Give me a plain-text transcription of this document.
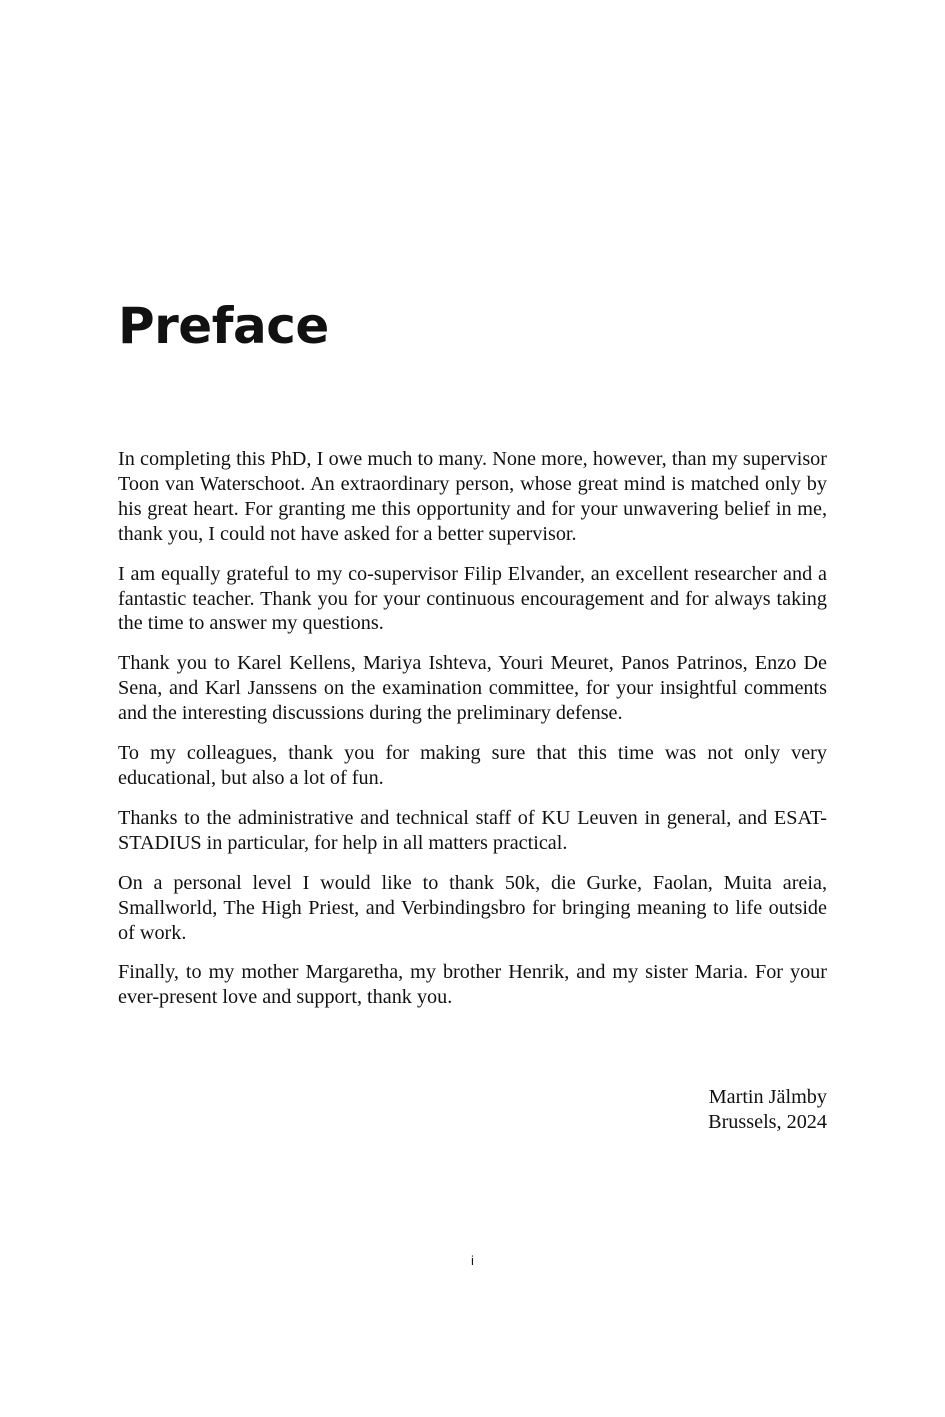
Preface

In completing this PhD, I owe much to many. None more, however, than my supervisor Toon van Waterschoot. An extraordinary person, whose great mind is matched only by his great heart. For granting me this opportunity and for your unwavering belief in me, thank you, I could not have asked for a better supervisor.

I am equally grateful to my co-supervisor Filip Elvander, an excellent researcher and a fantastic teacher. Thank you for your continuous encouragement and for always taking the time to answer my questions.

Thank you to Karel Kellens, Mariya Ishteva, Youri Meuret, Panos Patrinos, Enzo De Sena, and Karl Janssens on the examination committee, for your insightful comments and the interesting discussions during the preliminary defense.

To my colleagues, thank you for making sure that this time was not only very educational, but also a lot of fun.

Thanks to the administrative and technical staff of KU Leuven in general, and ESAT-STADIUS in particular, for help in all matters practical.

On a personal level I would like to thank 50k, die Gurke, Faolan, Muita areia, Smallworld, The High Priest, and Verbindingsbro for bringing meaning to life outside of work.

Finally, to my mother Margaretha, my brother Henrik, and my sister Maria. For your ever-present love and support, thank you.

Martin Jälmby
Brussels, 2024
i
